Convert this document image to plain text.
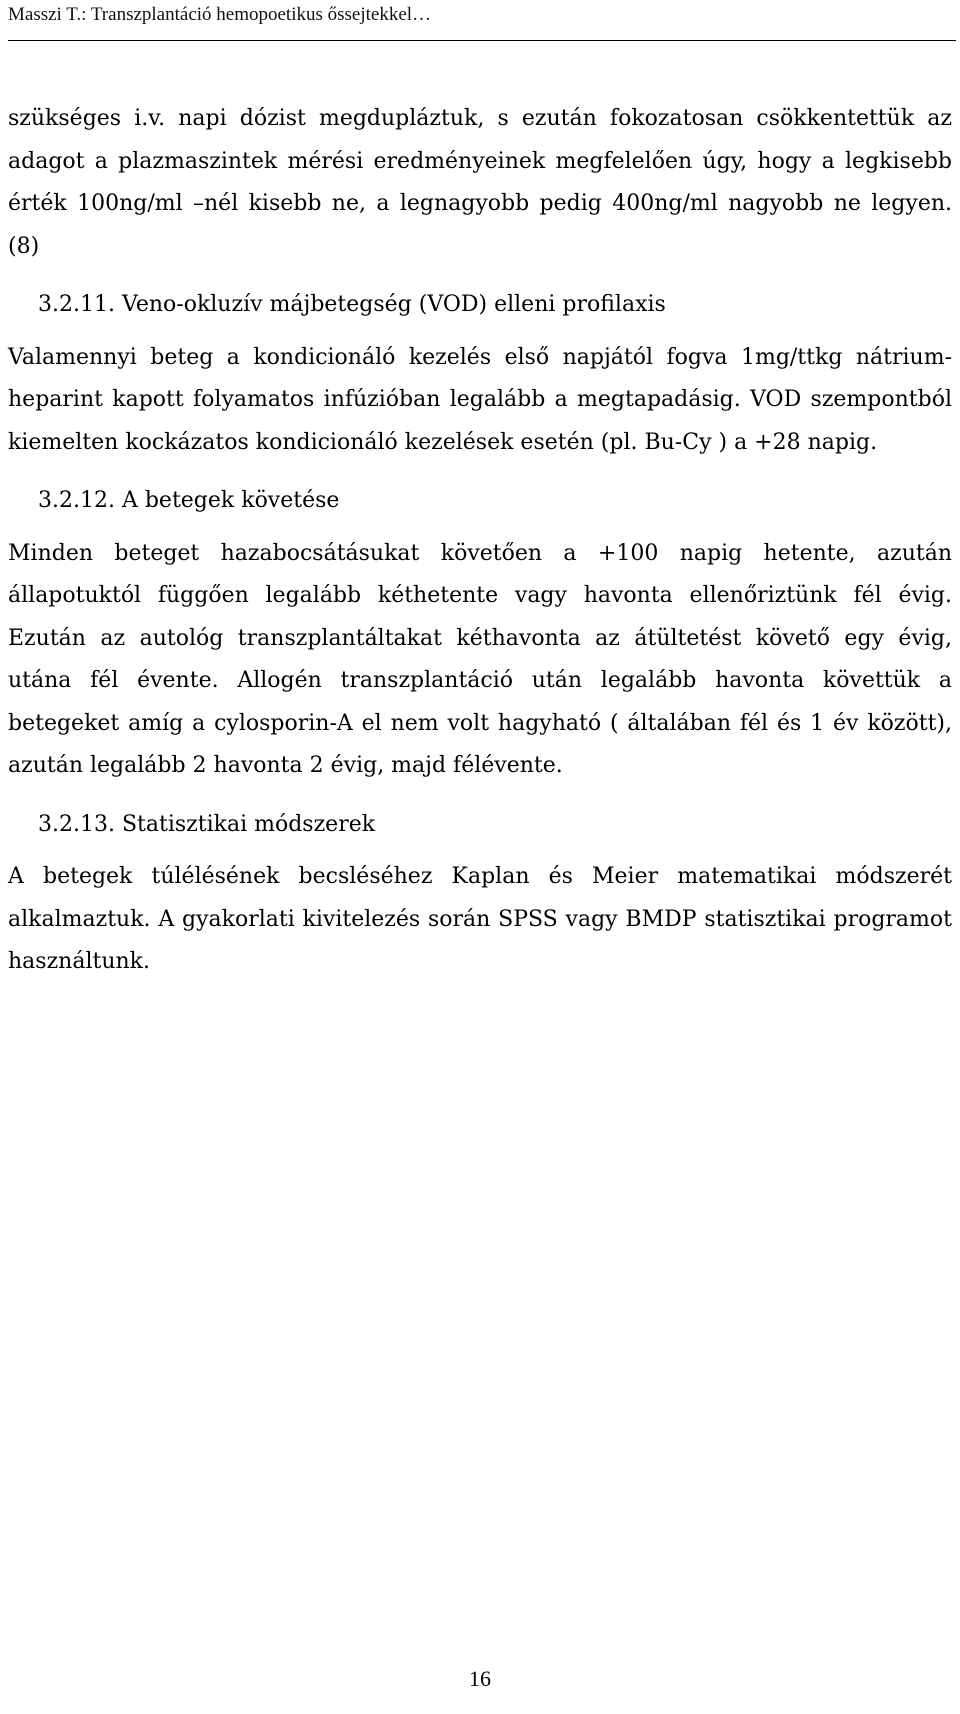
Masszi T.: Transzplantáció hemopoetikus őssejtekkel…

szükséges i.v. napi dózist megdupláztuk, s ezután fokozatosan csökkentettük az adagot a plazmaszintek mérési eredményeinek megfelelően úgy, hogy a legkisebb érték 100ng/ml –nél kisebb ne, a legnagyobb pedig 400ng/ml nagyobb ne legyen. (8)

3.2.11. Veno-okluzív májbetegség (VOD) elleni profilaxis

Valamennyi beteg a kondicionáló kezelés első napjától fogva 1mg/ttkg nátrium-heparint kapott folyamatos infúzióban legalább a megtapadásig. VOD szempontból kiemelten kockázatos kondicionáló kezelések esetén (pl. Bu-Cy ) a +28 napig.

3.2.12. A betegek követése

Minden beteget hazabocsátásukat követően a +100 napig hetente, azután állapotuktól függően legalább kéthetente vagy havonta ellenőriztünk fél évig. Ezután az autológ transzplantáltakat kéthavonta az átültetést követő egy évig, utána fél évente. Allogén transzplantáció után legalább havonta követtük a betegeket amíg a cylosporin-A el nem volt hagyható ( általában fél és 1 év között), azután legalább 2 havonta 2 évig, majd félévente.

3.2.13. Statisztikai módszerek

A betegek túlélésének becsléséhez Kaplan és Meier matematikai módszerét alkalmaztuk. A gyakorlati kivitelezés során SPSS vagy BMDP statisztikai programot használtunk.

16
